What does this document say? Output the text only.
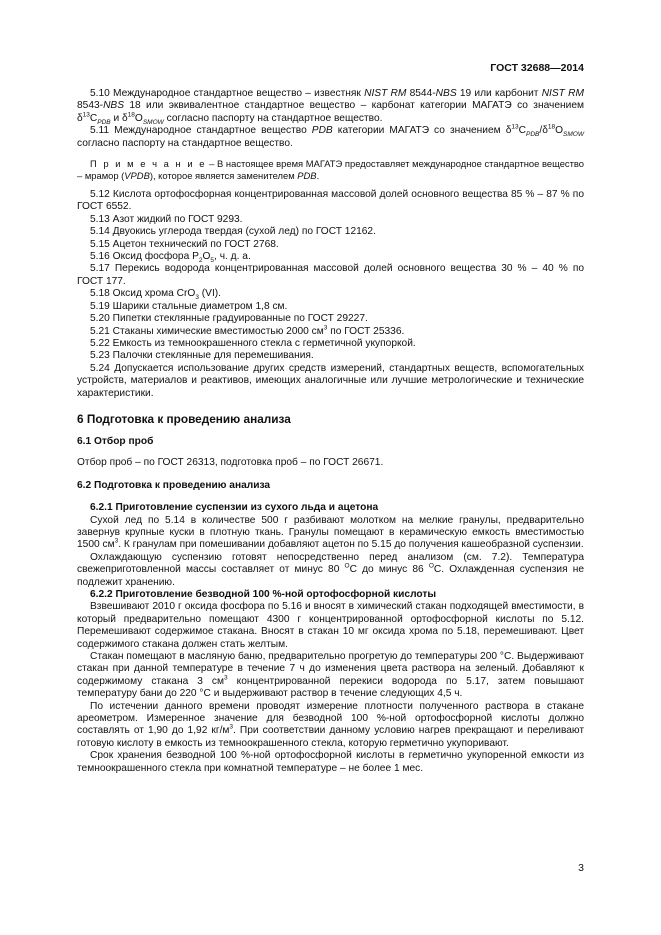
ГОСТ 32688—2014

5.10 Международное стандартное вещество – известняк NIST RM 8544-NBS 19 или карбонит NIST RM 8543-NBS 18 или эквивалентное стандартное вещество – карбонат категории МАГАТЭ со значением $\delta^{13}C_{PDB}$ и $\delta^{18}O_{SMOW}$ согласно паспорту на стандартное вещество.

5.11 Международное стандартное вещество PDB категории МАГАТЭ со значением $\delta^{13}C_{PDB}/\delta^{18}O_{SMOW}$ согласно паспорту на стандартное вещество.

П р и м е ч а н и е – В настоящее время МАГАТЭ предоставляет международное стандартное вещество – мрамор (VPDB), которое является заменителем PDB.

5.12 Кислота ортофосфорная концентрированная массовой долей основного вещества 85 % – 87 % по ГОСТ 6552.

5.13 Азот жидкий по ГОСТ 9293.

5.14 Двуокись углерода твердая (сухой лед) по ГОСТ 12162.

5.15 Ацетон технический по ГОСТ 2768.

5.16 Оксид фосфора $P_2O_5$, ч. д. а.

5.17 Перекись водорода концентрированная массовой долей основного вещества 30 % – 40 % по ГОСТ 177.

5.18 Оксид хрома CrO$_3$ (VI).

5.19 Шарики стальные диаметром 1,8 см.

5.20 Пипетки стеклянные градуированные по ГОСТ 29227.

5.21 Стаканы химические вместимостью 2000 $см^3$ по ГОСТ 25336.

5.22 Емкость из темноокрашенного стекла с герметичной укупоркой.

5.23 Палочки стеклянные для перемешивания.

5.24 Допускается использование других средств измерений, стандартных веществ, вспомогательных устройств, материалов и реактивов, имеющих аналогичные или лучшие метрологические и технические характеристики.

6 Подготовка к проведению анализа

6.1 Отбор проб

Отбор проб – по ГОСТ 26313, подготовка проб – по ГОСТ 26671.

6.2 Подготовка к проведению анализа

6.2.1 Приготовление суспензии из сухого льда и ацетона

Сухой лед по 5.14 в количестве 500 г разбивают молотком на мелкие гранулы, предварительно завернув крупные куски в плотную ткань. Гранулы помещают в керамическую емкость вместимостью 1500 $см^3$. К гранулам при помешивании добавляют ацетон по 5.15 до получения кашеобразной суспензии.

Охлаждающую суспензию готовят непосредственно перед анализом (см. 7.2). Температура свежеприготовленной массы составляет от минус 80 $^О$С до минус 86 $^О$С. Охлажденная суспензия не подлежит хранению.

6.2.2 Приготовление безводной 100 %-ной ортофосфорной кислоты

Взвешивают 2010 г оксида фосфора по 5.16 и вносят в химический стакан подходящей вместимости, в который предварительно помещают 4300 г концентрированной ортофосфорной кислоты по 5.12. Перемешивают содержимое стакана. Вносят в стакан 10 мг оксида хрома по 5.18, перемешивают. Цвет содержимого стакана должен стать желтым.

Стакан помещают в масляную баню, предварительно прогретую до температуры 200 °С. Выдерживают стакан при данной температуре в течение 7 ч до изменения цвета раствора на зеленый. Добавляют к содержимому стакана 3 $см^3$ концентрированной перекиси водорода по 5.17, затем повышают температуру бани до 220 °С и выдерживают раствор в течение следующих 4,5 ч.

По истечении данного времени проводят измерение плотности полученного раствора в стакане ареометром. Измеренное значение для безводной 100 %-ной ортофосфорной кислоты должно составлять от 1,90 до 1,92 $кг/м^3$. При соответствии данному условию нагрев прекращают и переливают готовую кислоту в емкость из темноокрашенного стекла, которую герметично укупоривают.

Срок хранения безводной 100 %-ной ортофосфорной кислоты в герметично укупоренной емкости из темноокрашенного стекла при комнатной температуре – не более 1 мес.

3
